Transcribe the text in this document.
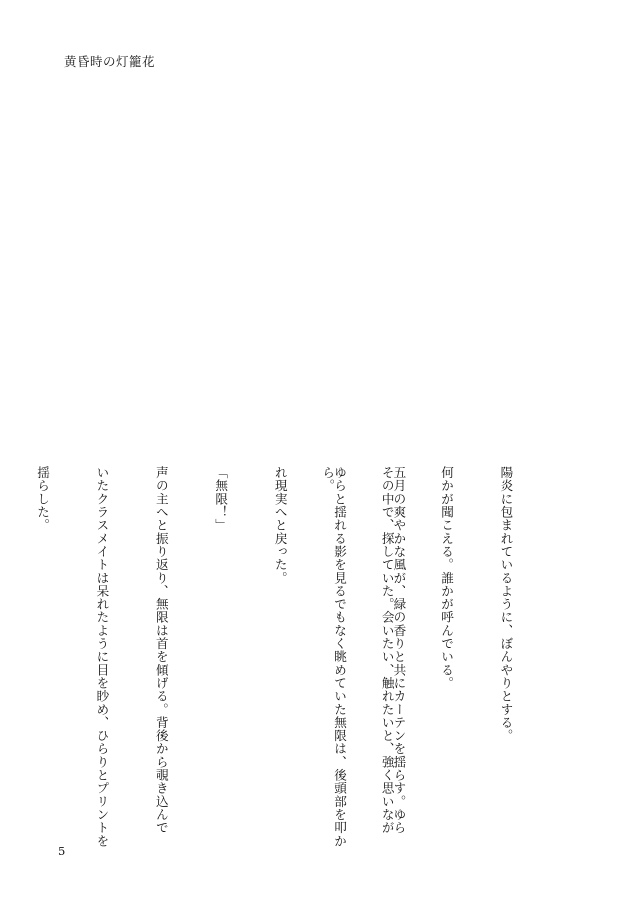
黄昏時の灯籠花

陽炎に包まれているように、ぼんやりとする。

何かが聞こえる。誰かが呼んでいる。

その中で、探していた。会いたい、触れたいと、強く思いなが

ら。

	五月の爽やかな風が、緑の香りと共にカーテンを揺らす。ゆら

ゆらと揺れる影を見るでもなく眺めていた無限は、後頭部を叩か

れ現実へと戻った。

「無限！」

声の主へと振り返り、無限は首を傾げる。背後から覗き込んで

いたクラスメイトは呆れたように目を眇め、ひらりとプリントを

揺らした。

5
